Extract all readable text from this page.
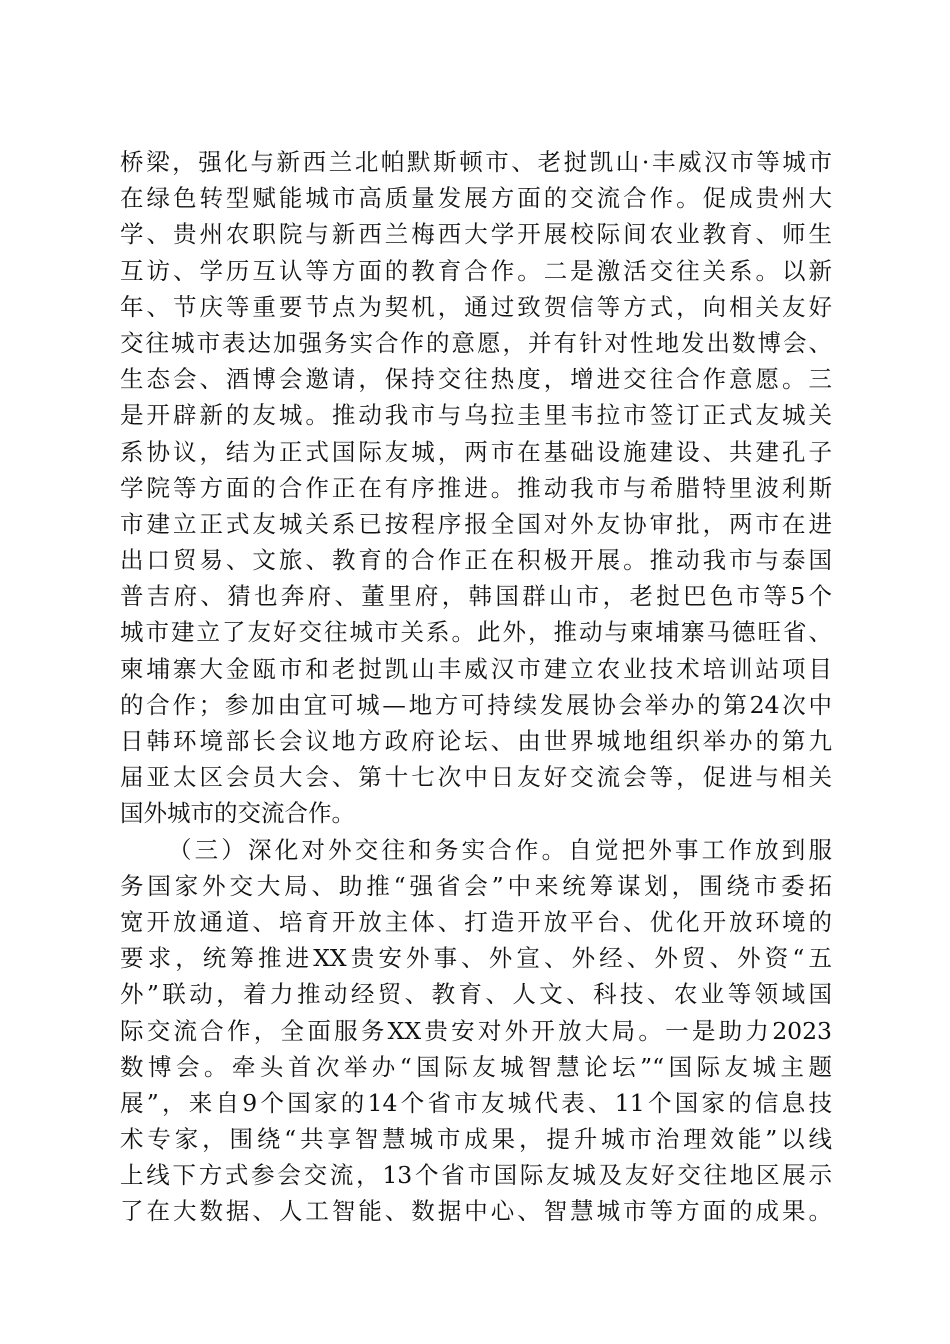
桥梁，强化与新西兰北帕默斯顿市、老挝凯山·丰威汉市等城市
在绿色转型赋能城市高质量发展方面的交流合作。促成贵州大
学、贵州农职院与新西兰梅西大学开展校际间农业教育、师生
互访、学历互认等方面的教育合作。二是激活交往关系。以新
年、节庆等重要节点为契机，通过致贺信等方式，向相关友好
交往城市表达加强务实合作的意愿，并有针对性地发出数博会、
生态会、酒博会邀请，保持交往热度，增进交往合作意愿。三
是开辟新的友城。推动我市与乌拉圭里韦拉市签订正式友城关
系协议，结为正式国际友城，两市在基础设施建设、共建孔子
学院等方面的合作正在有序推进。推动我市与希腊特里波利斯
市建立正式友城关系已按程序报全国对外友协审批，两市在进
出口贸易、文旅、教育的合作正在积极开展。推动我市与泰国
普吉府、猜也奔府、董里府，韩国群山市，老挝巴色市等5个
城市建立了友好交往城市关系。此外，推动与柬埔寨马德旺省、
柬埔寨大金瓯市和老挝凯山丰威汉市建立农业技术培训站项目
的合作；参加由宜可城—地方可持续发展协会举办的第24次中
日韩环境部长会议地方政府论坛、由世界城地组织举办的第九
届亚太区会员大会、第十七次中日友好交流会等，促进与相关
国外城市的交流合作。
（三）深化对外交往和务实合作。自觉把外事工作放到服
务国家外交大局、助推“强省会”中来统筹谋划，围绕市委拓
宽开放通道、培育开放主体、打造开放平台、优化开放环境的
要求，统筹推进XX贵安外事、外宣、外经、外贸、外资“五
外”联动，着力推动经贸、教育、人文、科技、农业等领域国
际交流合作，全面服务XX贵安对外开放大局。一是助力2023
数博会。牵头首次举办“国际友城智慧论坛”“国际友城主题
展”，来自9个国家的14个省市友城代表、11个国家的信息技
术专家，围绕“共享智慧城市成果，提升城市治理效能”以线
上线下方式参会交流，13个省市国际友城及友好交往地区展示
了在大数据、人工智能、数据中心、智慧城市等方面的成果。
